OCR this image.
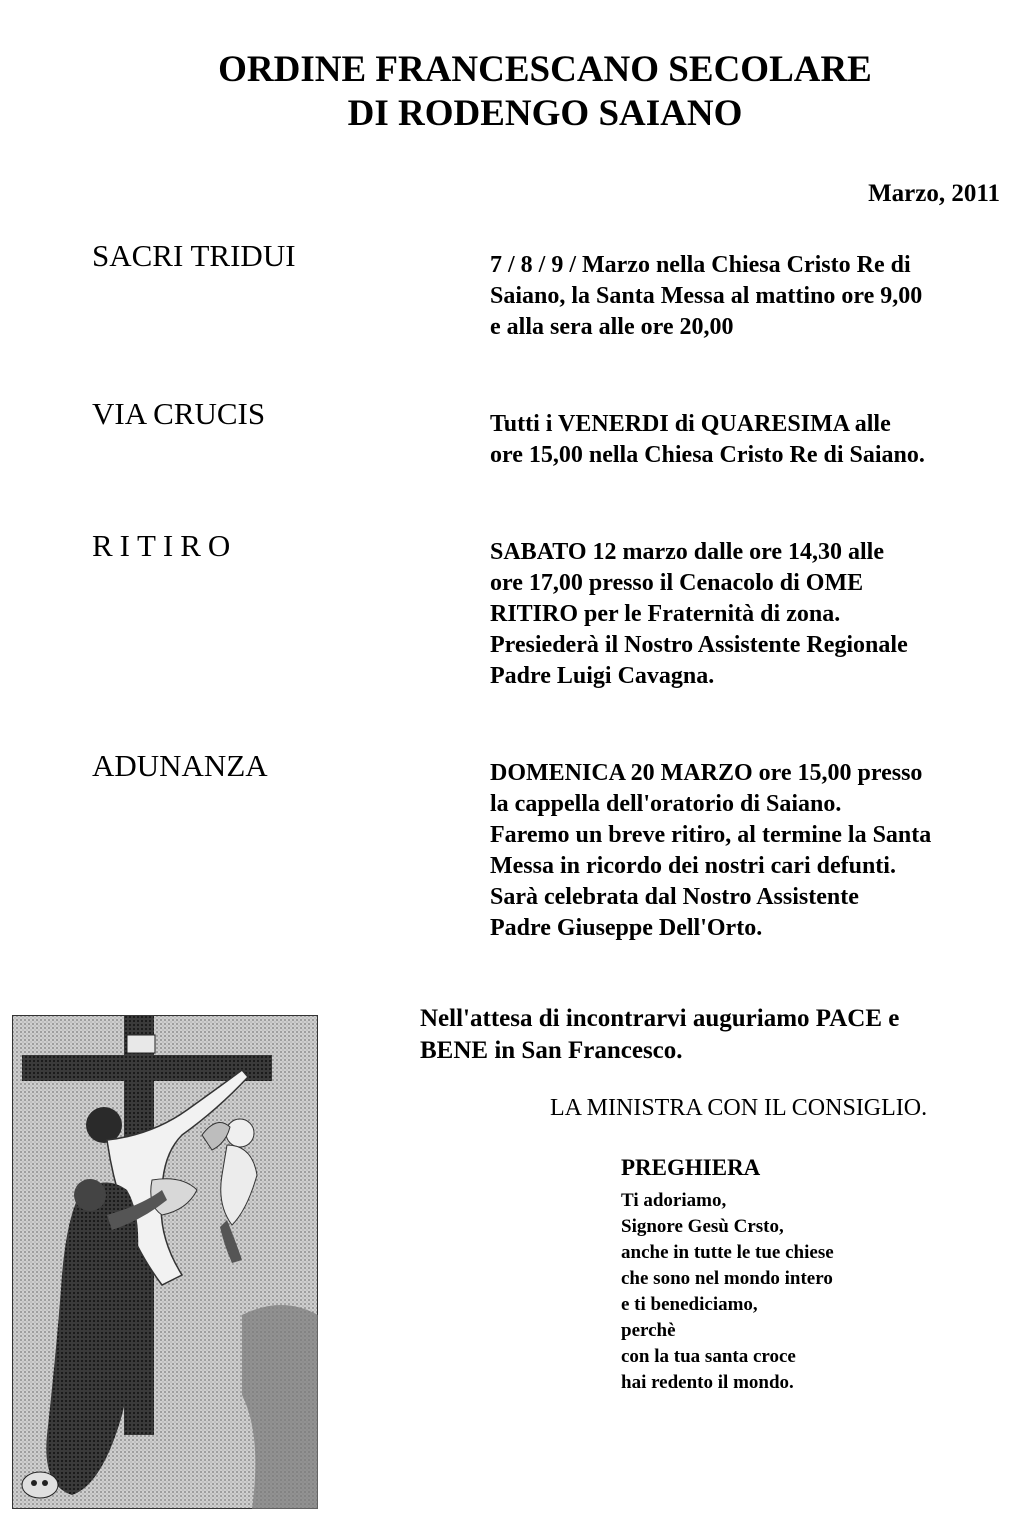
ORDINE FRANCESCANO SECOLARE
DI RODENGO SAIANO
Marzo, 2011
SACRI TRIDUI	7 / 8 / 9 / Marzo nella Chiesa Cristo Re di
Saiano, la Santa Messa al mattino ore 9,00
e alla sera alle ore 20,00
VIA CRUCIS	Tutti i VENERDI di QUARESIMA alle
ore 15,00 nella Chiesa Cristo Re di Saiano.
RITIRO	SABATO 12 marzo dalle ore 14,30 alle
ore 17,00 presso il Cenacolo di OME
RITIRO per le Fraternità di zona.
Presiederà il Nostro Assistente Regionale
Padre Luigi Cavagna.
ADUNANZA	DOMENICA 20 MARZO ore 15,00 presso
la cappella dell'oratorio di Saiano.
Faremo un breve ritiro, al termine la Santa
Messa in ricordo dei nostri cari defunti.
Sarà celebrata dal Nostro Assistente
Padre Giuseppe Dell'Orto.
Nell'attesa di incontrarvi auguriamo PACE e
BENE in San Francesco.
LA MINISTRA CON IL CONSIGLIO.
PREGHIERA
Ti adoriamo,
Signore Gesù Crsto,
anche in tutte le tue chiese
che sono nel mondo intero
e ti benediciamo,
perchè
con la tua santa croce
hai redento il mondo.
